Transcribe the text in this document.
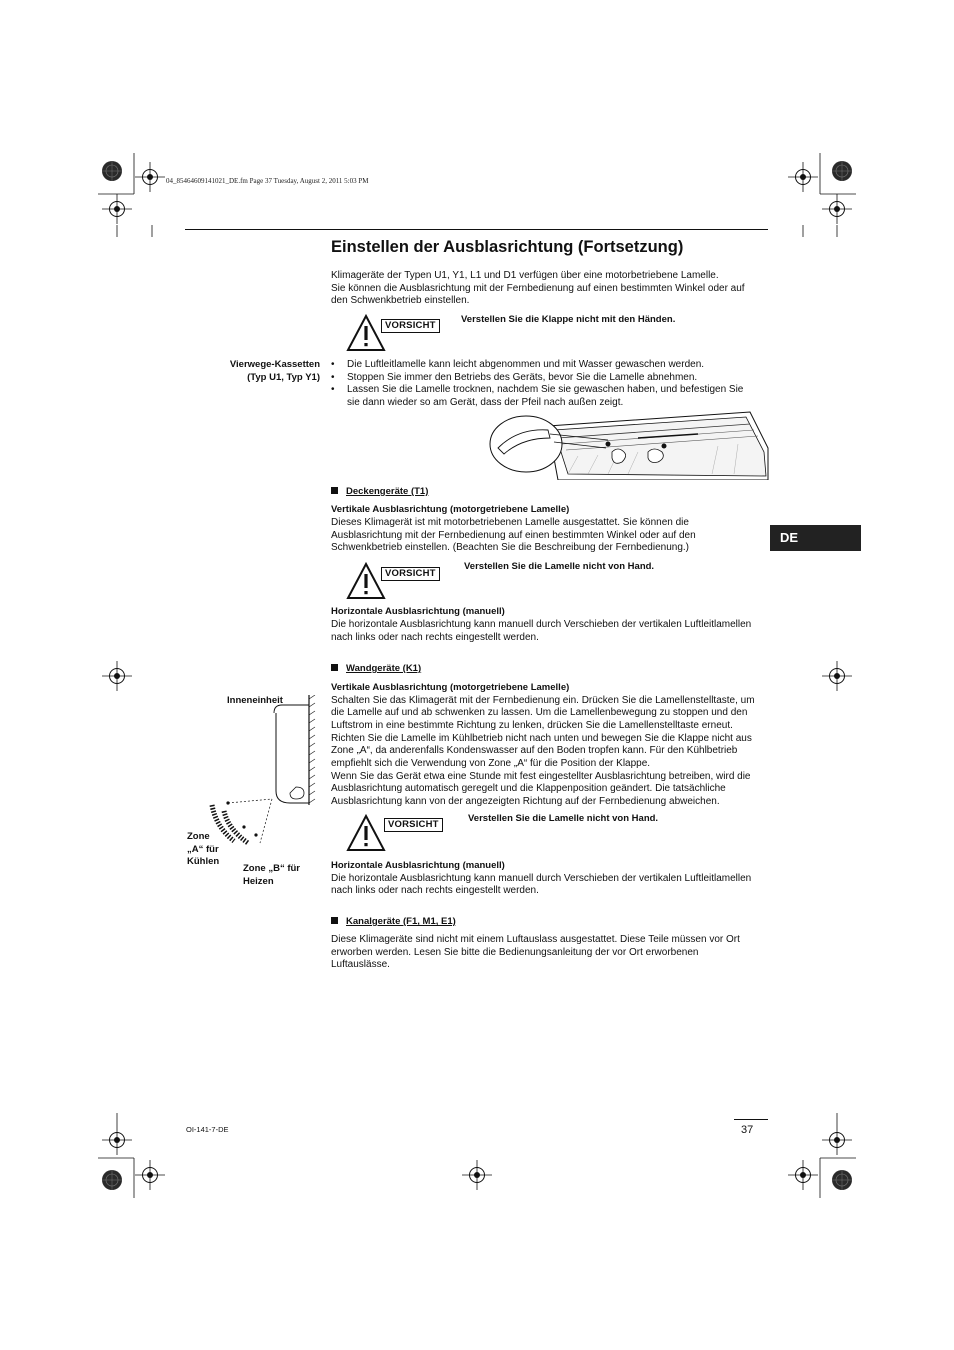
04_85464609141021_DE.fm Page 37 Tuesday, August 2, 2011 5:03 PM
Einstellen der Ausblasrichtung (Fortsetzung)
Klimageräte der Typen U1, Y1, L1 und D1 verfügen über eine motorbetriebene Lamelle.
Sie können die Ausblasrichtung mit der Fernbedienung auf einen bestimmten Winkel oder auf
den Schwenkbetrieb einstellen.
VORSICHT
Verstellen Sie die Klappe nicht mit den Händen.
Vierwege-Kassetten
(Typ U1, Typ Y1)
• Die Luftleitlamelle kann leicht abgenommen und mit Wasser gewaschen werden.
• Stoppen Sie immer den Betriebs des Geräts, bevor Sie die Lamelle abnehmen.
• Lassen Sie die Lamelle trocknen, nachdem Sie sie gewaschen haben, und befestigen Sie sie dann wieder so am Gerät, dass der Pfeil nach außen zeigt.
Deckengeräte (T1)
Vertikale Ausblasrichtung (motorgetriebene Lamelle)
Dieses Klimagerät ist mit motorbetriebenen Lamelle ausgestattet. Sie können die
Ausblasrichtung mit der Fernbedienung auf einen bestimmten Winkel oder auf den
Schwenkbetrieb einstellen. (Beachten Sie die Beschreibung der Fernbedienung.)
VORSICHT
Verstellen Sie die Lamelle nicht von Hand.
Horizontale Ausblasrichtung (manuell)
Die horizontale Ausblasrichtung kann manuell durch Verschieben der vertikalen Luftleitlamellen
nach links oder nach rechts eingestellt werden.
DE
Wandgeräte (K1)
Vertikale Ausblasrichtung (motorgetriebene Lamelle)
Schalten Sie das Klimagerät mit der Fernbedienung ein. Drücken Sie die Lamellenstelltaste, um
die Lamelle auf und ab schwenken zu lassen. Um die Lamellenbewegung zu stoppen und den
Luftstrom in eine bestimmte Richtung zu lenken, drücken Sie die Lamellenstelltaste erneut.
Richten Sie die Lamelle im Kühlbetrieb nicht nach unten und bewegen Sie die Klappe nicht aus
Zone „A“, da anderenfalls Kondenswasser auf den Boden tropfen kann. Für den Kühlbetrieb
empfiehlt sich die Verwendung von Zone „A“ für die Position der Klappe.
Wenn Sie das Gerät etwa eine Stunde mit fest eingestellter Ausblasrichtung betreiben, wird die
Ausblasrichtung automatisch geregelt und die Klappenposition geändert. Die tatsächliche
Ausblasrichtung kann von der angezeigten Richtung auf der Fernbedienung abweichen.
VORSICHT
Verstellen Sie die Lamelle nicht von Hand.
Horizontale Ausblasrichtung (manuell)
Die horizontale Ausblasrichtung kann manuell durch Verschieben der vertikalen Luftleitlamellen
nach links oder nach rechts eingestellt werden.
Inneneinheit
Zone
„A“ für
Kühlen
Zone „B“ für
Heizen
Kanalgeräte (F1, M1, E1)
Diese Klimageräte sind nicht mit einem Luftauslass ausgestattet. Diese Teile müssen vor Ort
erworben werden. Lesen Sie bitte die Bedienungsanleitung der vor Ort erworbenen
Luftauslässe.
OI-141-7-DE	37
